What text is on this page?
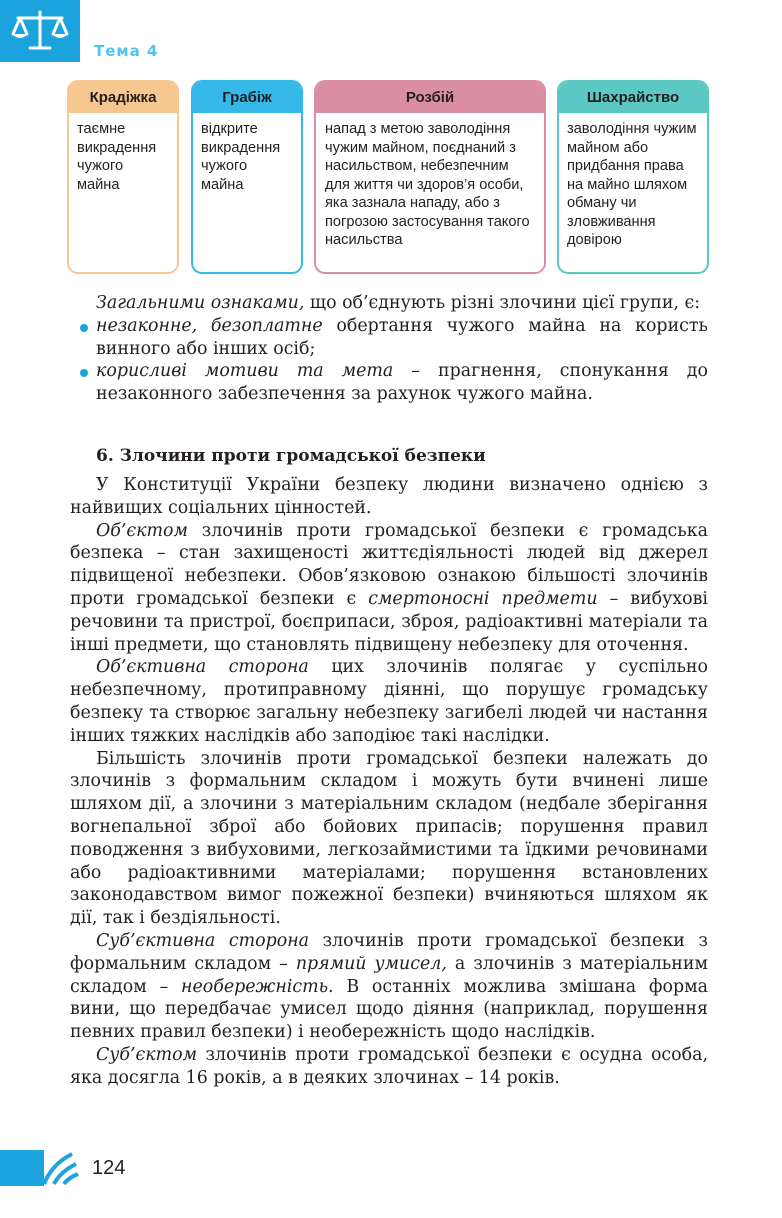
Тема 4
Крадіжка
таємне викрадення чужого майна
Грабіж
відкрите викрадення чужого майна
Розбій
напад з метою заволодіння чужим майном, поєднаний з насильством, небезпечним для життя чи здоров’я особи, яка зазнала нападу, або з погрозою застосування такого насильства
Шахрайство
заволодіння чужим майном або придбання права на майно шляхом обману чи зловживання довірою

Загальними ознаками, що об’єднують різні злочини цієї групи, є:

незаконне, безоплатне обертання чужого майна на користь винного або інших осіб;

корисливі мотиви та мета – прагнення, спонукання до незаконного забезпечення за рахунок чужого майна.

6. Злочини проти громадської безпеки

У Конституції України безпеку людини визначено однією з найвищих соціальних цінностей.

Об’єктом злочинів проти громадської безпеки є громадська безпека – стан захищеності життєдіяльності людей від джерел підвищеної небезпеки. Обов’язковою ознакою більшості злочинів проти громадської безпеки є смертоносні предмети – вибухові речовини та пристрої, боєприпаси, зброя, радіоактивні матеріали та інші предмети, що становлять підвищену небезпеку для оточення.

Об’єктивна сторона цих злочинів полягає у суспільно небезпечному, протиправному діянні, що порушує громадську безпеку та створює загальну небезпеку загибелі людей чи настання інших тяжких наслідків або заподіює такі наслідки.

Більшість злочинів проти громадської безпеки належать до злочинів з формальним складом і можуть бути вчинені лише шляхом дії, а злочини з матеріальним складом (недбале зберігання вогнепальної зброї або бойових припасів; порушення правил поводження з вибуховими, легкозаймистими та їдкими речовинами або радіоактивними матеріалами; порушення встановлених законодавством вимог пожежної безпеки) вчиняються шляхом як дії, так і бездіяльності.

Суб’єктивна сторона злочинів проти громадської безпеки з формальним складом – прямий умисел, а злочинів з матеріальним складом – необережність. В останніх можлива змішана форма вини, що передбачає умисел щодо діяння (наприклад, порушення певних правил безпеки) і необережність щодо наслідків.

Суб’єктом злочинів проти громадської безпеки є осудна особа, яка досягла 16 років, а в деяких злочинах – 14 років.

124
